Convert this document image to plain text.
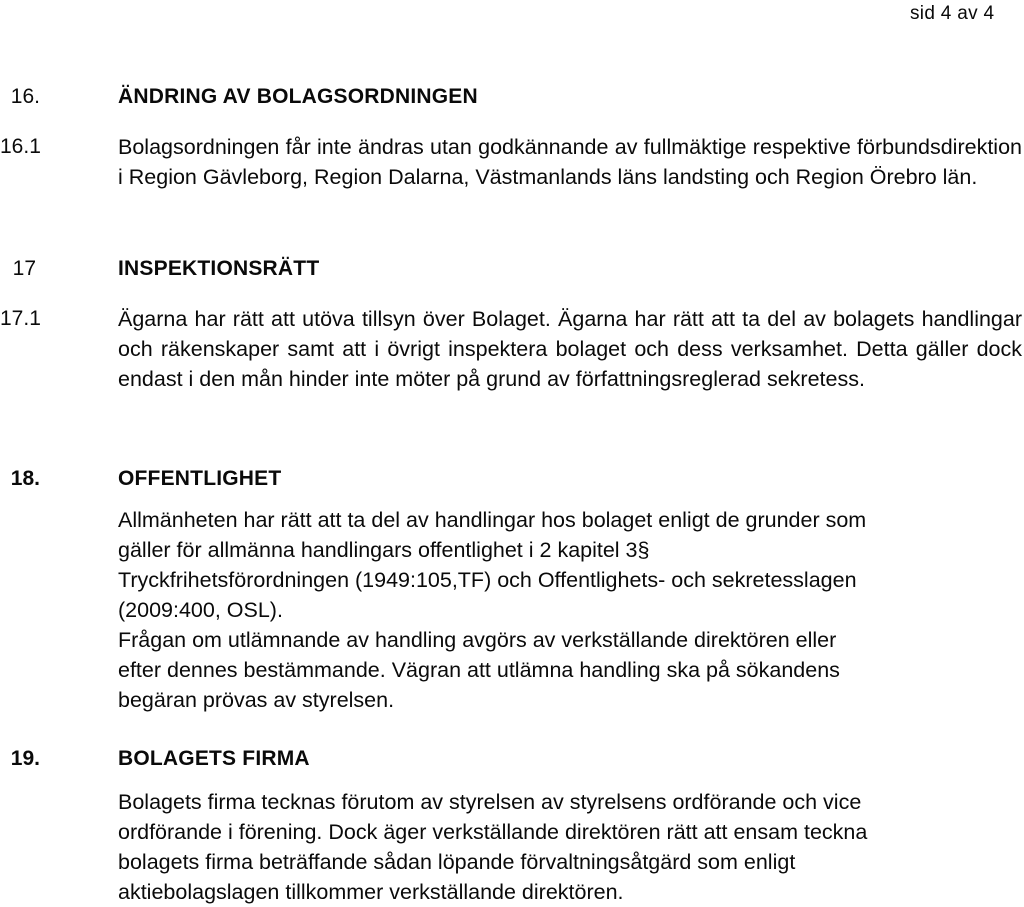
sid 4 av 4
16.	ÄNDRING AV BOLAGSORDNINGEN
16.1	Bolagsordningen får inte ändras utan godkännande av fullmäktige respektive förbundsdirektion i Region Gävleborg, Region Dalarna, Västmanlands läns landsting och Region Örebro län.

17	INSPEKTIONSRÄTT
17.1	Ägarna har rätt att utöva tillsyn över Bolaget. Ägarna har rätt att ta del av bolagets handlingar och räkenskaper samt att i övrigt inspektera bolaget och dess verksamhet. Detta gäller dock endast i den mån hinder inte möter på grund av författningsreglerad sekretess.

18.	OFFENTLIGHET

Allmänheten har rätt att ta del av handlingar hos bolaget enligt de grunder som

gäller för allmänna handlingars offentlighet i 2 kapitel 3§

Tryckfrihetsförordningen (1949:105,TF) och Offentlighets- och sekretesslagen

(2009:400, OSL).

Frågan om utlämnande av handling avgörs av verkställande direktören eller

efter dennes bestämmande. Vägran att utlämna handling ska på sökandens

begäran prövas av styrelsen.

19.	BOLAGETS FIRMA

Bolagets firma tecknas förutom av styrelsen av styrelsens ordförande och vice

ordförande i förening. Dock äger verkställande direktören rätt att ensam teckna

bolagets firma beträffande sådan löpande förvaltningsåtgärd som enligt

aktiebolagslagen tillkommer verkställande direktören.
